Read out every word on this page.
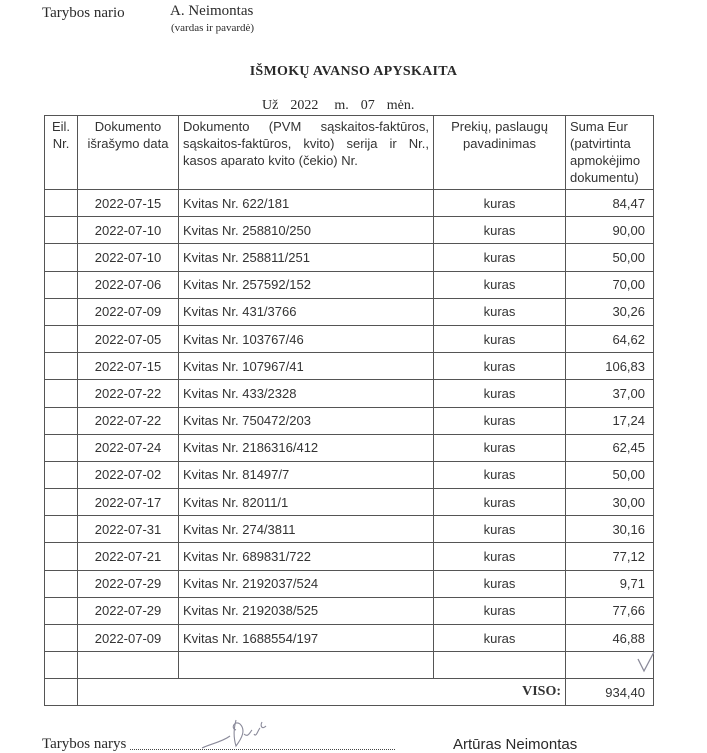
Tarybos nario	A. Neimontas
(vardas ir pavardė)
IŠMOKŲ AVANSO APYSKAITA
Už 2022 m. 07 mėn.
Eil. Nr.	Dokumento išrašymo data	Dokumento (PVM sąskaitos-faktūros, sąskaitos-faktūros, kvito) serija ir Nr., kasos aparato kvito (čekio) Nr.	Prekių, paslaugų pavadinimas	Suma Eur (patvirtinta apmokėjimo dokumentu)
	2022-07-15	Kvitas Nr. 622/181	kuras	84,47
	2022-07-10	Kvitas Nr. 258810/250	kuras	90,00
	2022-07-10	Kvitas Nr. 258811/251	kuras	50,00
	2022-07-06	Kvitas Nr. 257592/152	kuras	70,00
	2022-07-09	Kvitas Nr. 431/3766	kuras	30,26
	2022-07-05	Kvitas Nr. 103767/46	kuras	64,62
	2022-07-15	Kvitas Nr. 107967/41	kuras	106,83
	2022-07-22	Kvitas Nr. 433/2328	kuras	37,00
	2022-07-22	Kvitas Nr. 750472/203	kuras	17,24
	2022-07-24	Kvitas Nr. 2186316/412	kuras	62,45
	2022-07-02	Kvitas Nr. 81497/7	kuras	50,00
	2022-07-17	Kvitas Nr. 82011/1	kuras	30,00
	2022-07-31	Kvitas Nr. 274/3811	kuras	30,16
	2022-07-21	Kvitas Nr. 689831/722	kuras	77,12
	2022-07-29	Kvitas Nr. 2192037/524	kuras	9,71
	2022-07-29	Kvitas Nr. 2192038/525	kuras	77,66
	2022-07-09	Kvitas Nr. 1688554/197	kuras	46,88

	VISO:			934,40
Tarybos narys	Artūras Neimontas
